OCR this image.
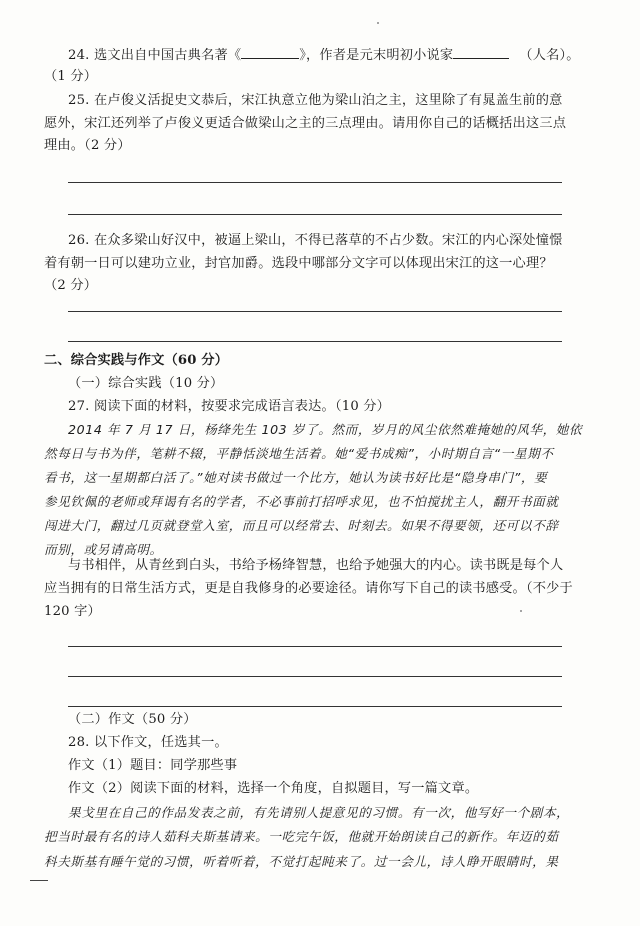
24. 选文出自中国古典名著《	》，作者是元末明初小说家	（人名）。
（1 分）
25. 在卢俊义活捉史文恭后，宋江执意立他为梁山泊之主，这里除了有晁盖生前的意
愿外，宋江还列举了卢俊义更适合做梁山之主的三点理由。请用你自己的话概括出这三点
理由。（2 分）
26. 在众多梁山好汉中，被逼上梁山，不得已落草的不占少数。宋江的内心深处憧憬
着有朝一日可以建功立业，封官加爵。选段中哪部分文字可以体现出宋江的这一心理？
（2 分）
二、综合实践与作文（60 分）
（一）综合实践（10 分）
27. 阅读下面的材料，按要求完成语言表达。（10 分）
2014 年 7 月 17 日，杨绛先生 103 岁了。然而，岁月的风尘依然难掩她的风华，她依
然每日与书为伴，笔耕不辍，平静恬淡地生活着。她“爱书成痴”，小时期自言“一星期不
看书，这一星期都白活了。”她对读书做过一个比方，她认为读书好比是“隐身串门”，要
参见钦佩的老师或拜谒有名的学者，不必事前打招呼求见，也不怕搅扰主人，翻开书面就
闯进大门，翻过几页就登堂入室，而且可以经常去、时刻去。如果不得要领，还可以不辞
而别，或另请高明。
与书相伴，从青丝到白头，书给予杨绛智慧，也给予她强大的内心。读书既是每个人
应当拥有的日常生活方式，更是自我修身的必要途径。请你写下自己的读书感受。（不少于
120 字）
（二）作文（50 分）
28. 以下作文，任选其一。
作文（1）题目：同学那些事
作文（2）阅读下面的材料，选择一个角度，自拟题目，写一篇文章。
果戈里在自己的作品发表之前，有先请别人提意见的习惯。有一次，他写好一个剧本，
把当时最有名的诗人茹科夫斯基请来。一吃完午饭，他就开始朗读自己的新作。年迈的茹
科夫斯基有睡午觉的习惯，听着听着，不觉打起盹来了。过一会儿，诗人睁开眼睛时，果
